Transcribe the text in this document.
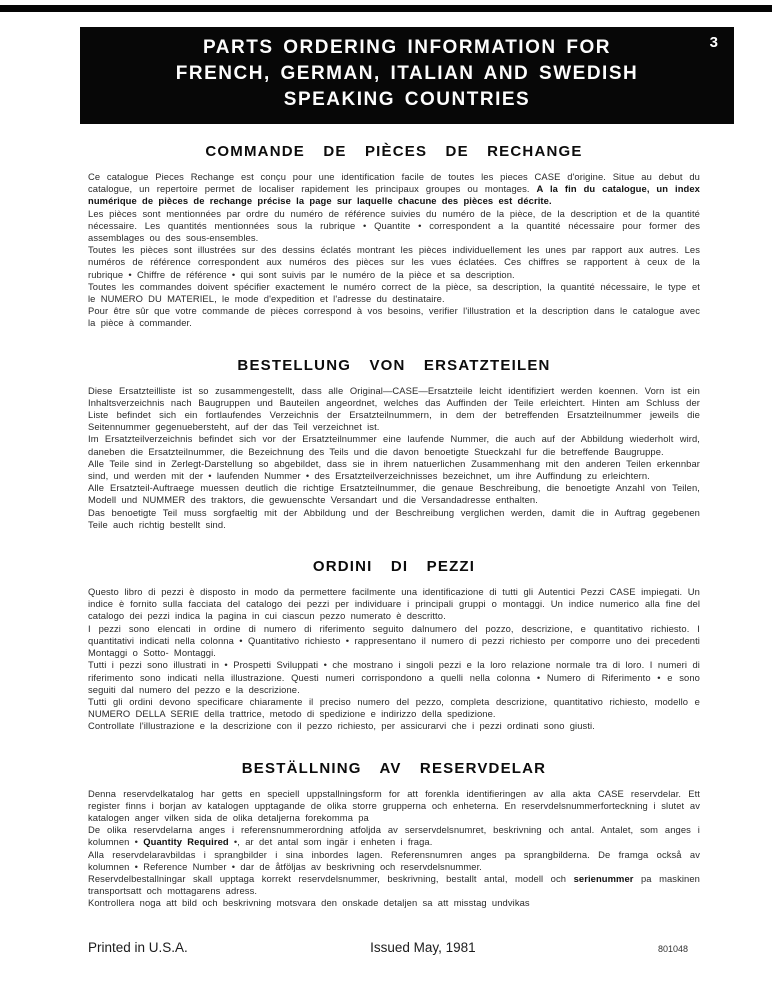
3
PARTS ORDERING INFORMATION FOR
FRENCH, GERMAN, ITALIAN AND SWEDISH
SPEAKING COUNTRIES
COMMANDE DE PIÈCES DE RECHANGE

Ce catalogue Pieces Rechange est conçu pour une identification facile de toutes les pieces CASE d'origine. Situe au debut du catalogue, un repertoire permet de localiser rapidement les principaux groupes ou montages. A la fin du catalogue, un index numérique de pièces de rechange précise la page sur laquelle chacune des pièces est décrite.

Les pièces sont mentionnées par ordre du numéro de référence suivies du numéro de la pièce, de la description et de la quantité nécessaire. Les quantités mentionnées sous la rubrique • Quantite • correspondent a la quantité nécessaire pour former des assemblages ou des sous-ensembles.

Toutes les pièces sont illustrées sur des dessins éclatés montrant les pièces individuellement les unes par rapport aux autres. Les numéros de référence correspondent aux numéros des pièces sur les vues éclatées. Ces chiffres se rapportent à ceux de la rubrique • Chiffre de référence • qui sont suivis par le numéro de la pièce et sa description.

Toutes les commandes doivent spécifier exactement le numéro correct de la pièce, sa description, la quantité nécessaire, le type et le NUMERO DU MATERIEL, le mode d'expedition et l'adresse du destinataire.

Pour être sûr que votre commande de pièces correspond à vos besoins, verifier l'illustration et la description dans le catalogue avec la pièce à commander.

BESTELLUNG VON ERSATZTEILEN

Diese Ersatzteilliste ist so zusammengestellt, dass alle Original—CASE—Ersatzteile leicht identifiziert werden koennen. Vorn ist ein Inhaltsverzeichnis nach Baugruppen und Bauteilen angeordnet, welches das Auffinden der Teile erleichtert. Hinten am Schluss der Liste befindet sich ein fortlaufendes Verzeichnis der Ersatzteilnummern, in dem der betreffenden Ersatzteilnummer jeweils die Seitennummer gegenuebersteht, auf der das Teil verzeichnet ist.

Im Ersatzteilverzeichnis befindet sich vor der Ersatzteilnummer eine laufende Nummer, die auch auf der Abbildung wiederholt wird, daneben die Ersatzteilnummer, die Bezeichnung des Teils und die davon benoetigte Stueckzahl fur die betreffende Baugruppe.

Alle Teile sind in Zerlegt-Darstellung so abgebildet, dass sie in ihrem natuerlichen Zusammenhang mit den anderen Teilen erkennbar sind, und werden mit der • laufenden Nummer • des Ersatzteilverzeichnisses bezeichnet, um ihre Auffindung zu erleichtern.

Alle Ersatzteil-Auftraege muessen deutlich die richtige Ersatzteilnummer, die genaue Beschreibung, die benoetigte Anzahl von Teilen, Modell und NUMMER des traktors, die gewuenschte Versandart und die Versandadresse enthalten.

Das benoetigte Teil muss sorgfaeltig mit der Abbildung und der Beschreibung verglichen werden, damit die in Auftrag gegebenen Teile auch richtig bestellt sind.

ORDINI DI PEZZI

Questo libro di pezzi è disposto in modo da permettere facilmente una identificazione di tutti gli Autentici Pezzi CASE impiegati. Un indice è fornito sulla facciata del catalogo dei pezzi per individuare i principali gruppi o montaggi. Un indice numerico alla fine del catalogo dei pezzi indica la pagina in cui ciascun pezzo numerato è descritto.

I pezzi sono elencati in ordine di numero di riferimento seguito dalnumero del pozzo, descrizione, e quantitativo richiesto. I quantitativi indicati nella colonna • Quantitativo richiesto • rappresentano il numero di pezzi richiesto per comporre uno dei precedenti Montaggi o Sotto- Montaggi.

Tutti i pezzi sono illustrati in • Prospetti Sviluppati • che mostrano i singoli pezzi e la loro relazione normale tra di loro. I numeri di riferimento sono indicati nella illustrazione. Questi numeri corrispondono a quelli nella colonna • Numero di Riferimento • e sono seguiti dal numero del pezzo e la descrizione.

Tutti gli ordini devono specificare chiaramente il preciso numero del pezzo, completa descrizione, quantitativo richiesto, modello e NUMERO DELLA SERIE della trattrice, metodo di spedizione e indirizzo della spedizione.

Controllate l'illustrazione e la descrizione con il pezzo richiesto, per assicurarvi che i pezzi ordinati sono giusti.

BESTÄLLNING AV RESERVDELAR

Denna reservdelkatalog har getts en speciell uppstallningsform for att forenkla identifieringen av alla akta CASE reservdelar. Ett register finns i borjan av katalogen upptagande de olika storre grupperna och enheterna. En reservdelsnummerforteckning i slutet av katalogen anger vilken sida de olika detaljerna forekomma pa

De olika reservdelarna anges i referensnummerordning atfoljda av serservdelsnumret, beskrivning och antal. Antalet, som anges i kolumnen • Quantity Required •, ar det antal som ingär i enheten i fraga.

Alla reservdelaravbildas i sprangbilder i sina inbordes lagen. Referensnumren anges pa sprangbilderna. De framga också av kolumnen • Reference Number • dar de åtföljas av beskrivning och reservdelsnummer.

Reservdelbestallningar skall upptaga korrekt reservdelsnummer, beskrivning, bestallt antal, modell och serienummer pa maskinen transportsatt och mottagarens adress.

Kontrollera noga att bild och beskrivning motsvara den onskade detaljen sa att misstag undvikas

Printed in U.S.A.	Issued May, 1981	801048
